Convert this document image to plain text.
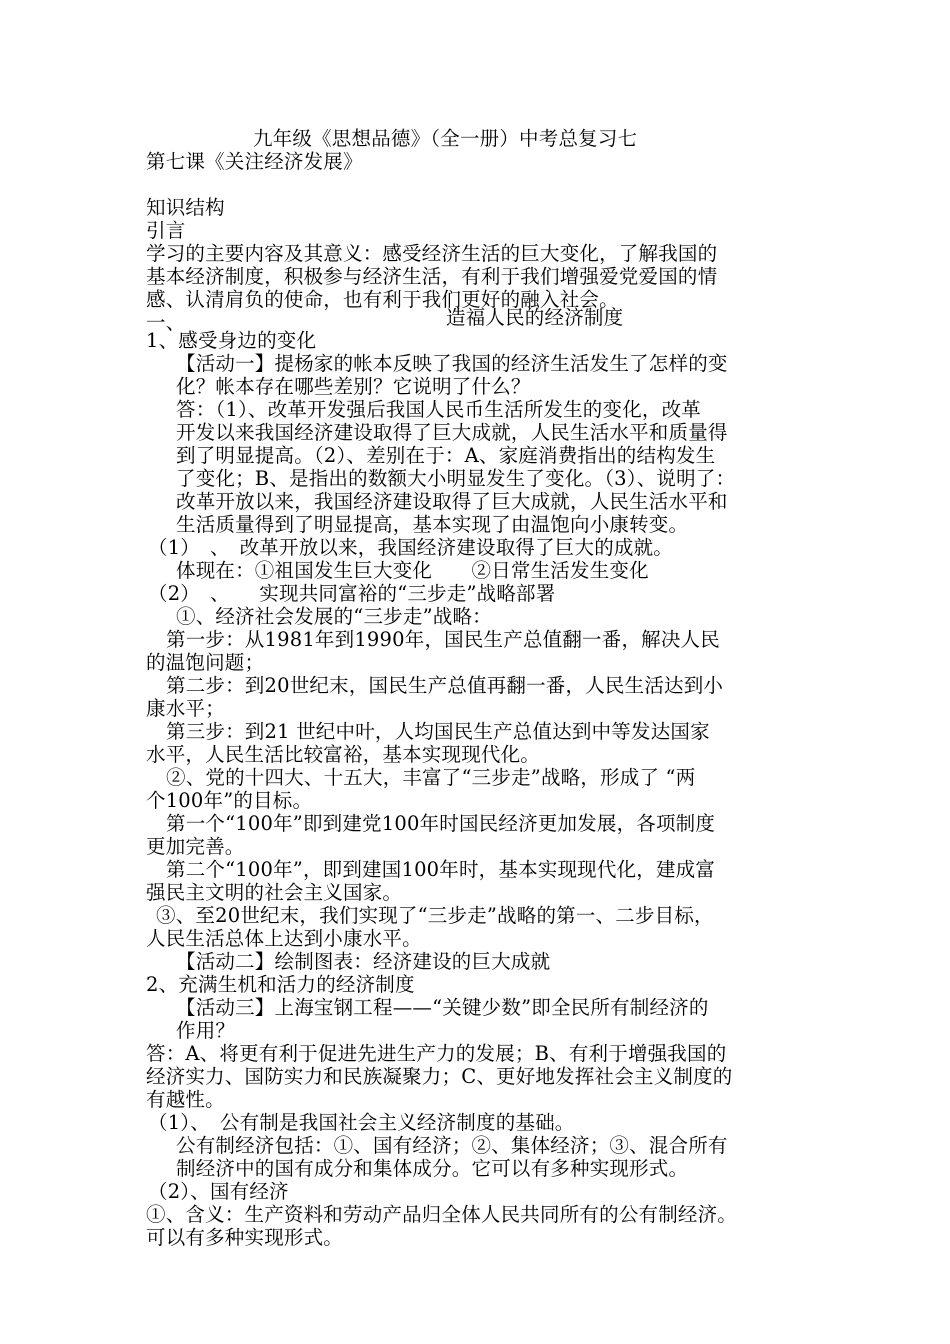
九年级《思想品德》（全一册）中考总复习七
第七课《关注经济发展》
知识结构
引言
学习的主要内容及其意义：感受经济生活的巨大变化，了解我国的
基本经济制度，积极参与经济生活，有利于我们增强爱党爱国的情
感、认清肩负的使命，也有利于我们更好的融入社会。
一、	造福人民的经济制度
1、感受身边的变化
【活动一】提杨家的帐本反映了我国的经济生活发生了怎样的变
化？帐本存在哪些差别？它说明了什么？
答：（1）、改革开发强后我国人民币生活所发生的变化，改革
开发以来我国经济建设取得了巨大成就，人民生活水平和质量得
到了明显提高。（2）、差别在于：A、家庭消费指出的结构发生
了变化；B、是指出的数额大小明显发生了变化。（3）、说明了：
改革开放以来，我国经济建设取得了巨大成就，人民生活水平和
生活质量得到了明显提高，基本实现了由温饱向小康转变。
（1）　、　改革开放以来，我国经济建设取得了巨大的成就。
体现在：①祖国发生巨大变化　　②日常生活发生变化
（2）　、　　实现共同富裕的“三步走”战略部署
①、经济社会发展的“三步走”战略：
第一步：从1981年到1990年，国民生产总值翻一番，解决人民
的温饱问题；
第二步：到20世纪末，国民生产总值再翻一番，人民生活达到小
康水平；
第三步：到21 世纪中叶，人均国民生产总值达到中等发达国家
水平，人民生活比较富裕，基本实现现代化。
②、党的十四大、十五大，丰富了“三步走”战略，形成了 “两
个100年”的目标。
第一个“100年”即到建党100年时国民经济更加发展，各项制度
更加完善。
第二个“100年”，即到建国100年时，基本实现现代化，建成富
强民主文明的社会主义国家。
③、至20世纪末，我们实现了“三步走”战略的第一、二步目标，
人民生活总体上达到小康水平。
【活动二】绘制图表：经济建设的巨大成就
2、充满生机和活力的经济制度
【活动三】上海宝钢工程——“关键少数”即全民所有制经济的
作用？
答：A、将更有利于促进先进生产力的发展；B、有利于增强我国的
经济实力、国防实力和民族凝聚力；C、更好地发挥社会主义制度的
有越性。
（1）、　公有制是我国社会主义经济制度的基础。
公有制经济包括：①、国有经济；②、集体经济；③、混合所有
制经济中的国有成分和集体成分。它可以有多种实现形式。
（2）、国有经济
①、含义：生产资料和劳动产品归全体人民共同所有的公有制经济。
可以有多种实现形式。
